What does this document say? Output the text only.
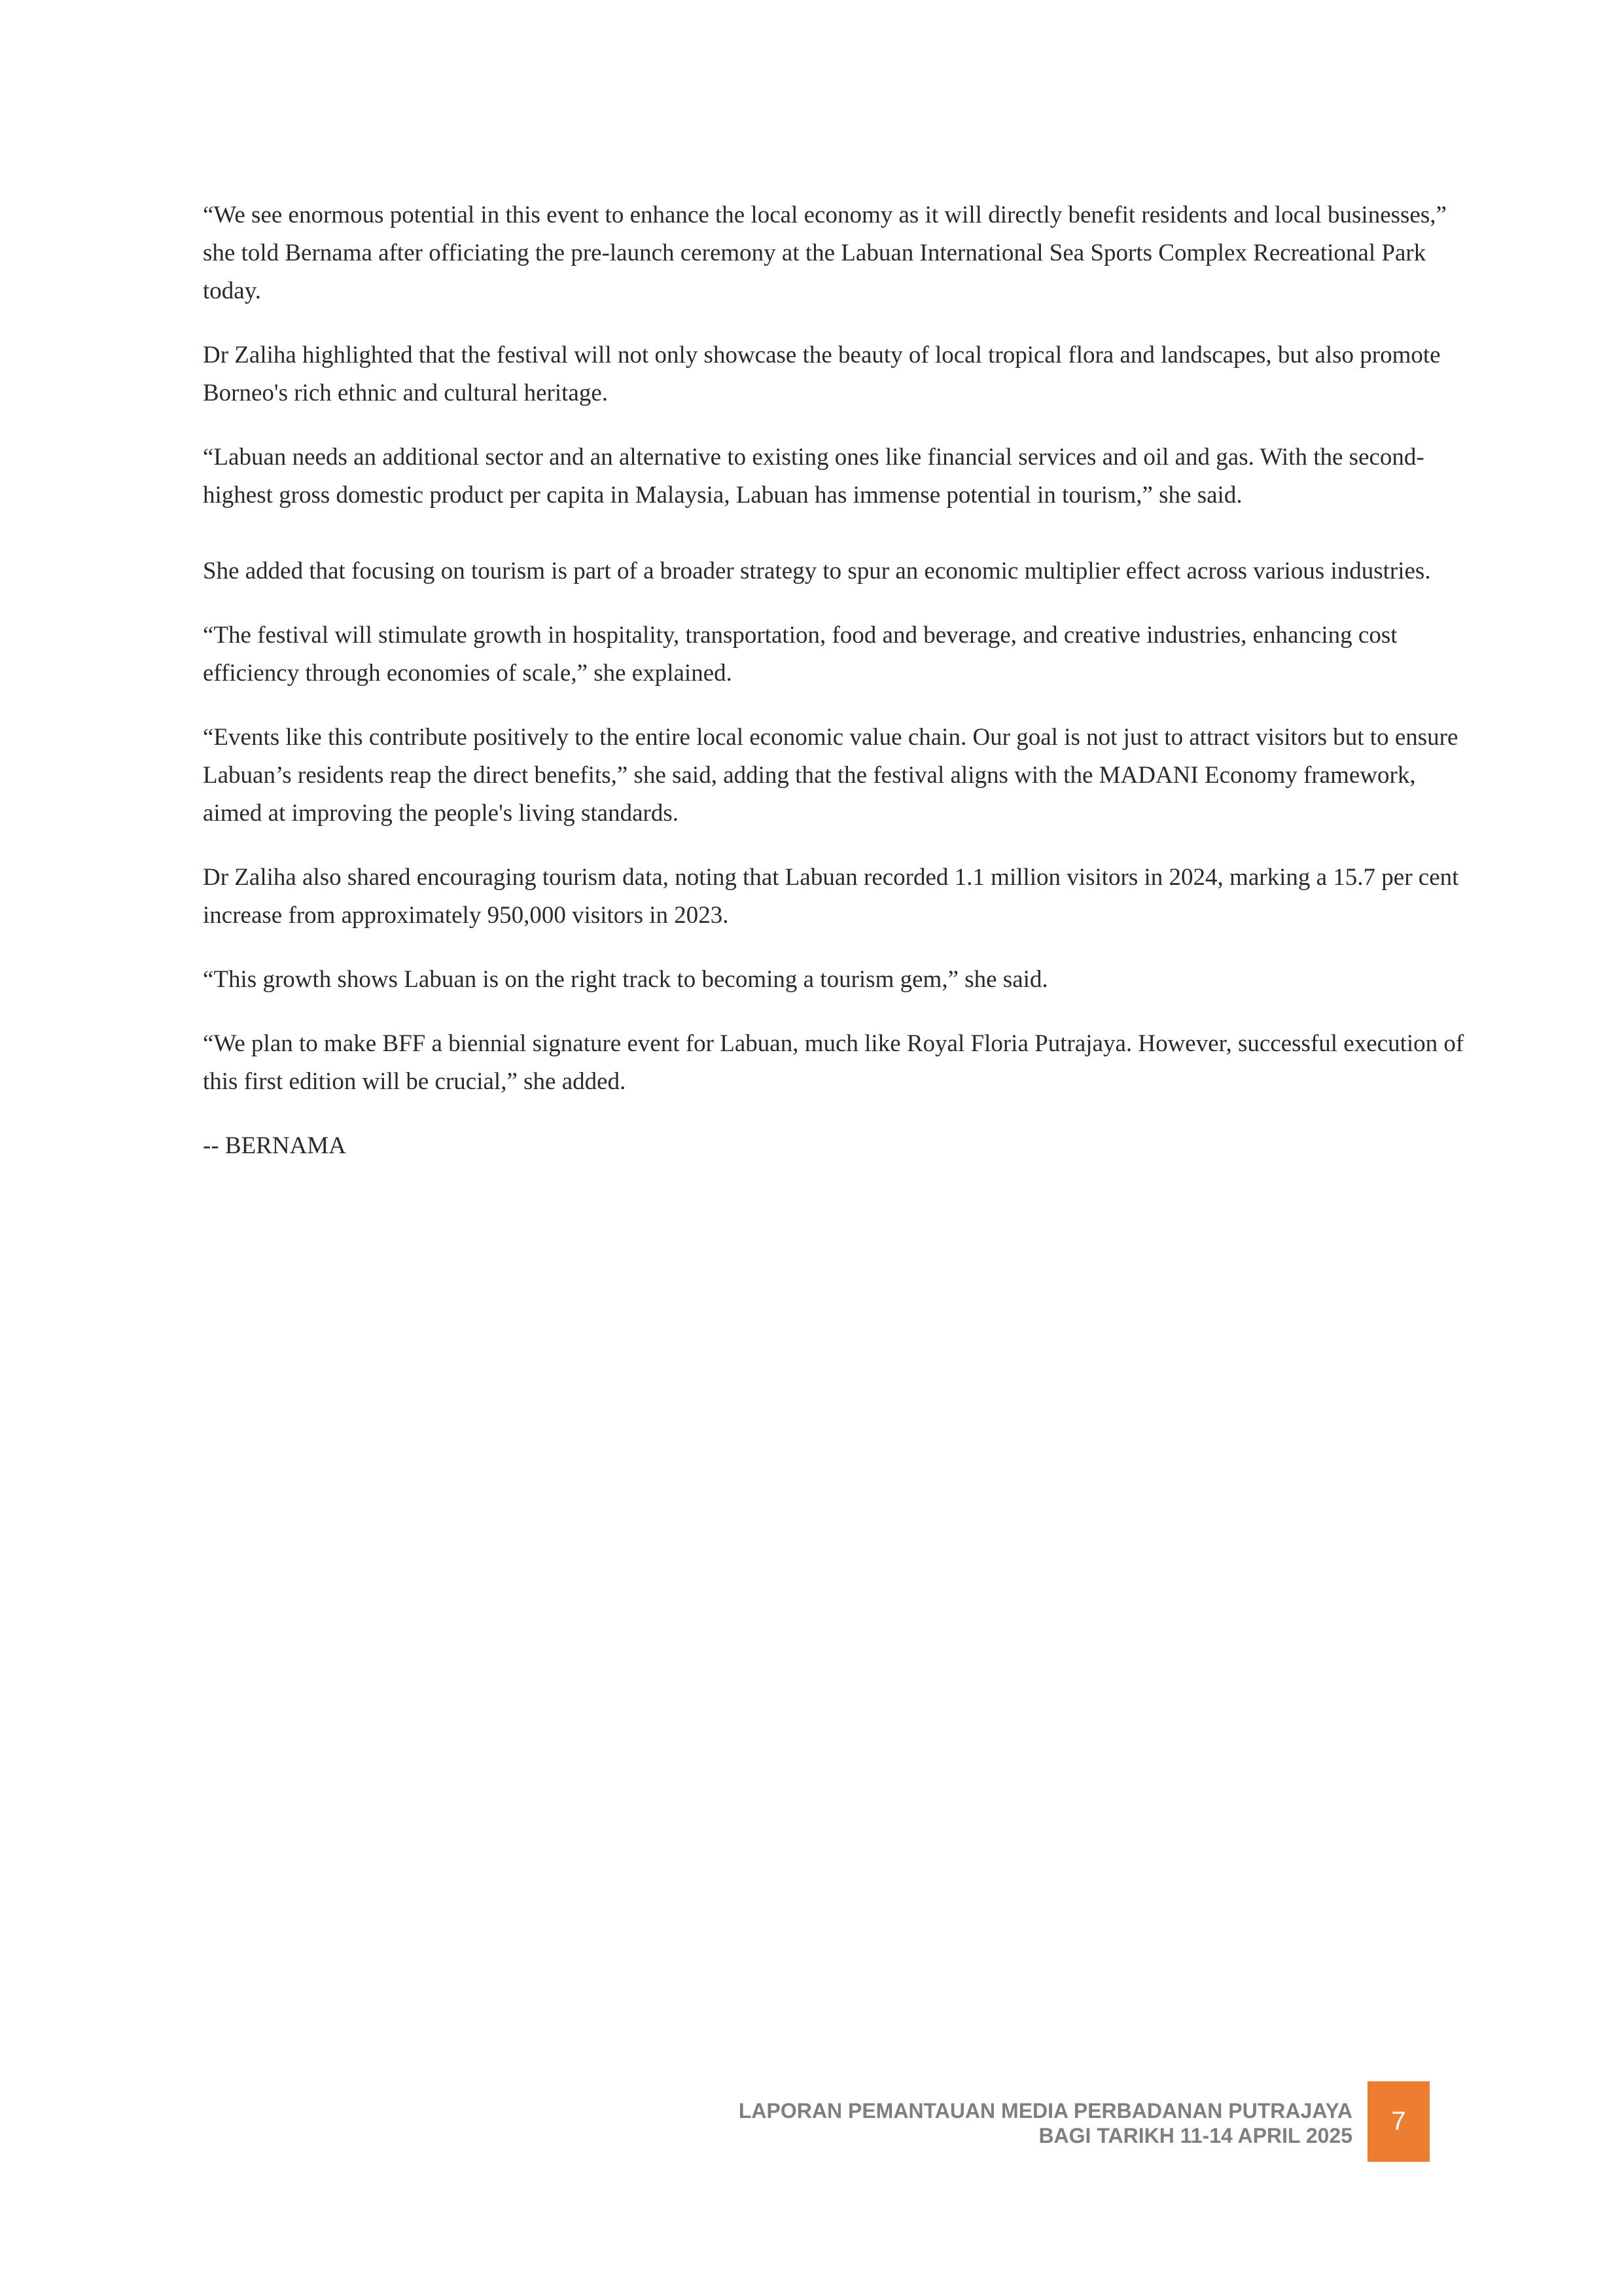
“We see enormous potential in this event to enhance the local economy as it will directly benefit residents and local businesses,” she told Bernama after officiating the pre-launch ceremony at the Labuan International Sea Sports Complex Recreational Park today.

Dr Zaliha highlighted that the festival will not only showcase the beauty of local tropical flora and landscapes, but also promote Borneo's rich ethnic and cultural heritage.

“Labuan needs an additional sector and an alternative to existing ones like financial services and oil and gas. With the second-highest gross domestic product per capita in Malaysia, Labuan has immense potential in tourism,” she said.

She added that focusing on tourism is part of a broader strategy to spur an economic multiplier effect across various industries.

“The festival will stimulate growth in hospitality, transportation, food and beverage, and creative industries, enhancing cost efficiency through economies of scale,” she explained.

“Events like this contribute positively to the entire local economic value chain. Our goal is not just to attract visitors but to ensure Labuan’s residents reap the direct benefits,” she said, adding that the festival aligns with the MADANI Economy framework, aimed at improving the people's living standards.

Dr Zaliha also shared encouraging tourism data, noting that Labuan recorded 1.1 million visitors in 2024, marking a 15.7 per cent increase from approximately 950,000 visitors in 2023.

“This growth shows Labuan is on the right track to becoming a tourism gem,” she said.

“We plan to make BFF a biennial signature event for Labuan, much like Royal Floria Putrajaya. However, successful execution of this first edition will be crucial,” she added.

-- BERNAMA

LAPORAN PEMANTAUAN MEDIA PERBADANAN PUTRAJAYA
BAGI TARIKH 11-14 APRIL 2025 7
